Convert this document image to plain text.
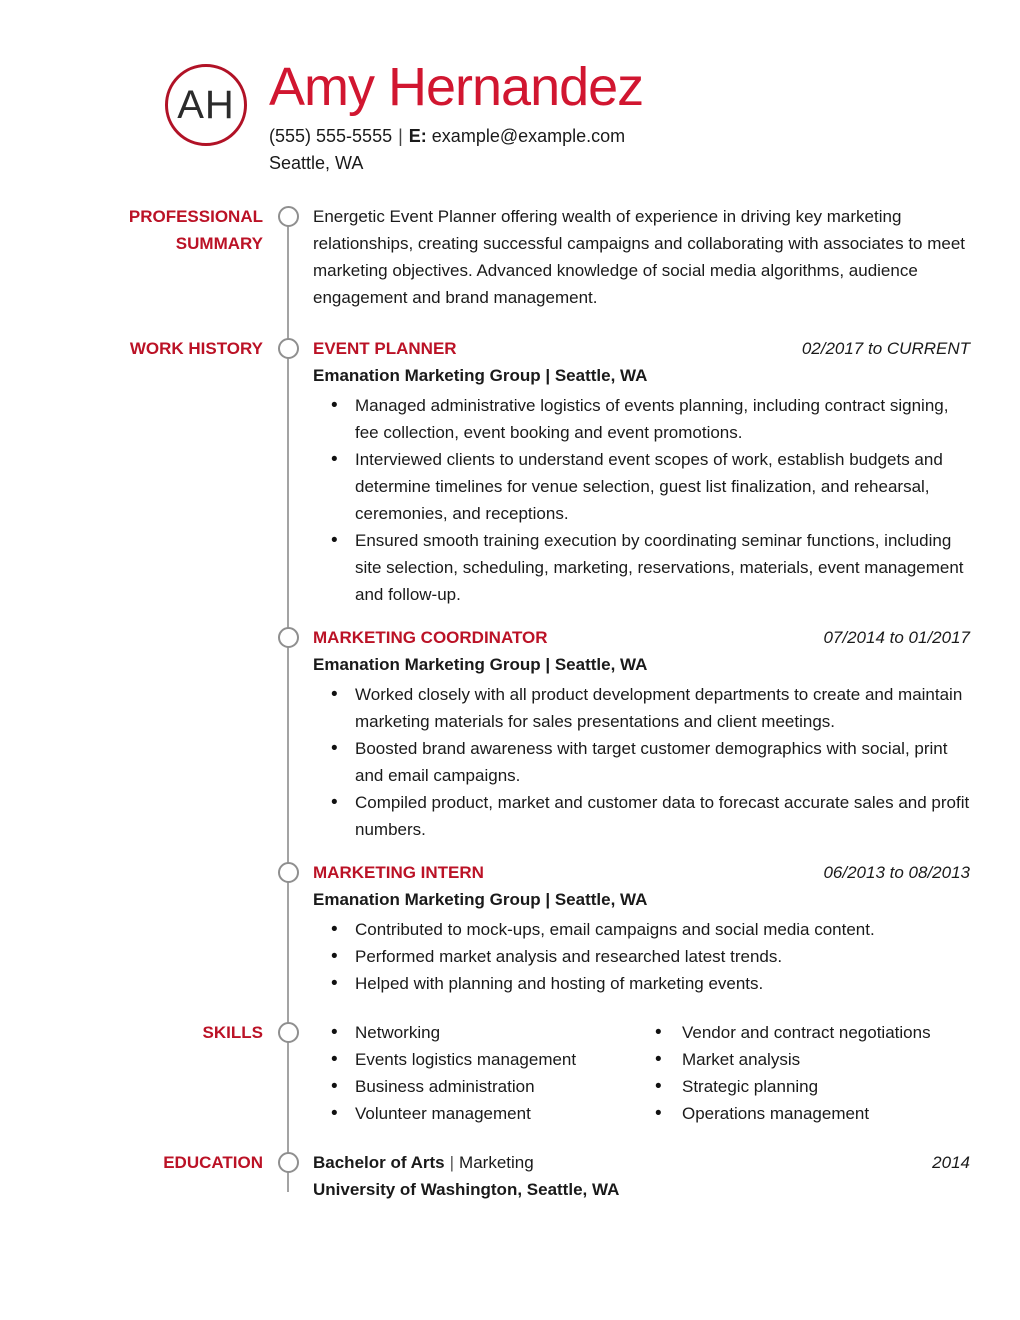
AH Amy Hernandez
(555) 555-5555 | E: example@example.com
Seattle, WA
PROFESSIONAL SUMMARY
Energetic Event Planner offering wealth of experience in driving key marketing relationships, creating successful campaigns and collaborating with associates to meet marketing objectives. Advanced knowledge of social media algorithms, audience engagement and brand management.
WORK HISTORY	EVENT PLANNER	02/2017 to CURRENT
Emanation Marketing Group | Seattle, WA
• Managed administrative logistics of events planning, including contract signing, fee collection, event booking and event promotions.
• Interviewed clients to understand event scopes of work, establish budgets and determine timelines for venue selection, guest list finalization, and rehearsal, ceremonies, and receptions.
• Ensured smooth training execution by coordinating seminar functions, including site selection, scheduling, marketing, reservations, materials, event management and follow-up.
MARKETING COORDINATOR	07/2014 to 01/2017
Emanation Marketing Group | Seattle, WA
• Worked closely with all product development departments to create and maintain marketing materials for sales presentations and client meetings.
• Boosted brand awareness with target customer demographics with social, print and email campaigns.
• Compiled product, market and customer data to forecast accurate sales and profit numbers.
MARKETING INTERN	06/2013 to 08/2013
Emanation Marketing Group | Seattle, WA
• Contributed to mock-ups, email campaigns and social media content.
• Performed market analysis and researched latest trends.
• Helped with planning and hosting of marketing events.
SKILLS	• Networking
• Events logistics management
• Business administration
• Volunteer management
• Vendor and contract negotiations
• Market analysis
• Strategic planning
• Operations management
EDUCATION	Bachelor of Arts | Marketing	2014
University of Washington, Seattle, WA
